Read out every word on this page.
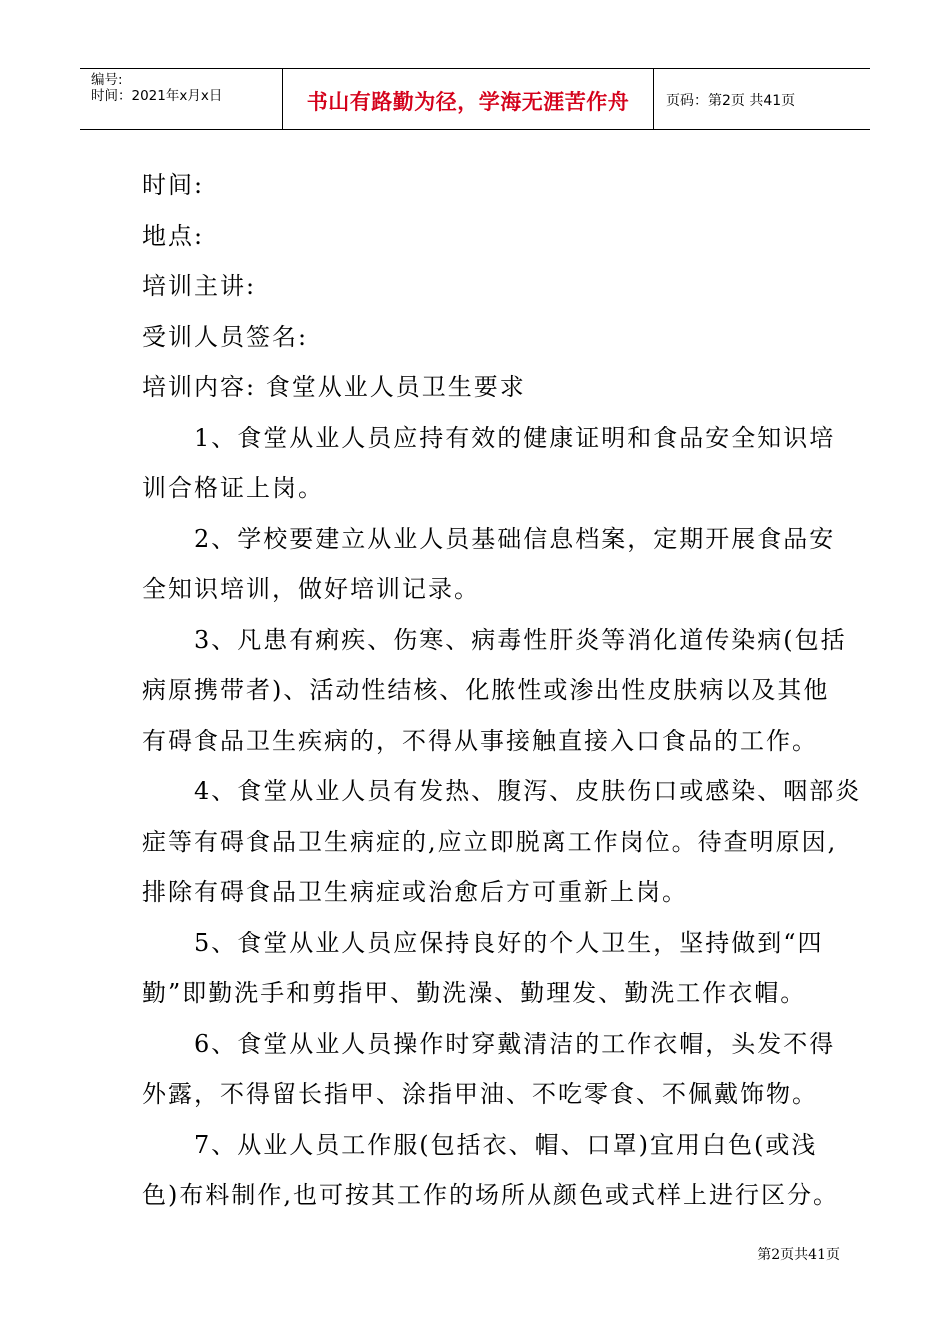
编号:
时间：2021年x月x日	书山有路勤为径，学海无涯苦作舟	页码：第2页 共41页
时间:
地点:
培训主讲:
受训人员签名:
培训内容: 食堂从业人员卫生要求
1、食堂从业人员应持有效的健康证明和食品安全知识培
训合格证上岗。
2、学校要建立从业人员基础信息档案，定期开展食品安
全知识培训，做好培训记录。
3、凡患有痢疾、伤寒、病毒性肝炎等消化道传染病(包括
病原携带者)、活动性结核、化脓性或渗出性皮肤病以及其他
有碍食品卫生疾病的，不得从事接触直接入口食品的工作。
4、食堂从业人员有发热、腹泻、皮肤伤口或感染、咽部炎
症等有碍食品卫生病症的,应立即脱离工作岗位。待查明原因,
排除有碍食品卫生病症或治愈后方可重新上岗。
5、食堂从业人员应保持良好的个人卫生，坚持做到“四
勤”即勤洗手和剪指甲、勤洗澡、勤理发、勤洗工作衣帽。
6、食堂从业人员操作时穿戴清洁的工作衣帽，头发不得
外露，不得留长指甲、涂指甲油、不吃零食、不佩戴饰物。
7、从业人员工作服(包括衣、帽、口罩)宜用白色(或浅
色)布料制作,也可按其工作的场所从颜色或式样上进行区分。
第2页共41页
